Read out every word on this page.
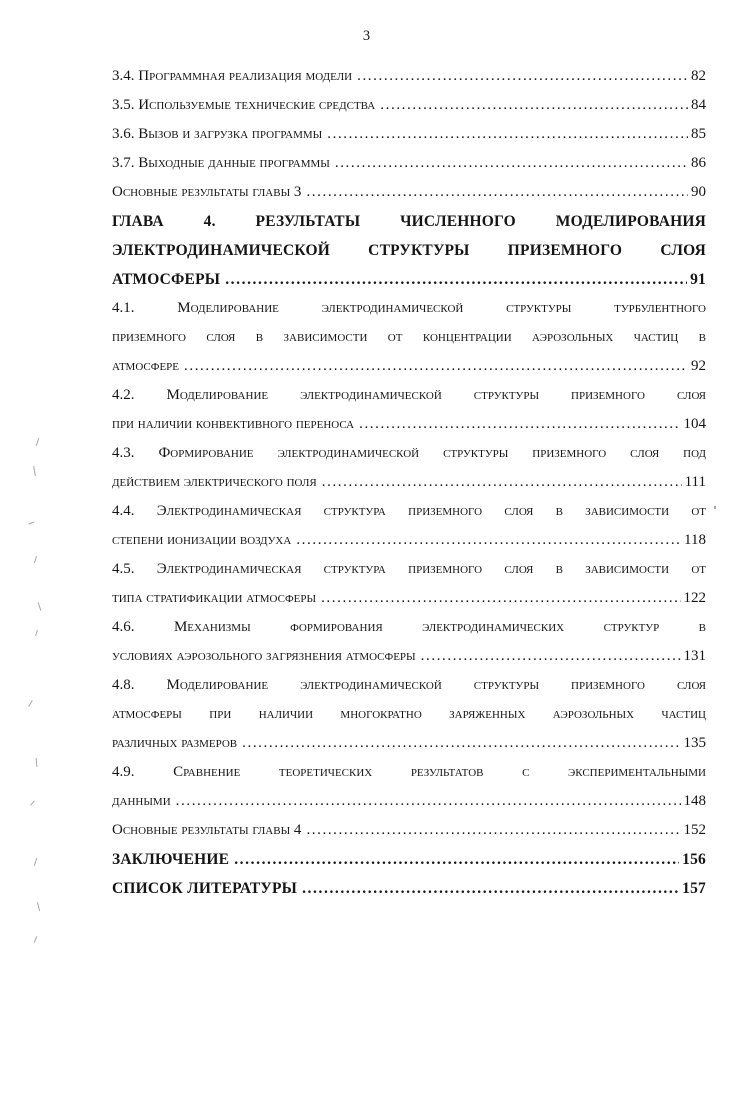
3
3.4. Программная реализация модели .....	82
3.5. Используемые технические средства .....	84
3.6. Вызов и загрузка программы .....	85
3.7. Выходные данные программы .....	86
Основные результаты главы 3 .....	90
ГЛАВА 4. РЕЗУЛЬТАТЫ ЧИСЛЕННОГО МОДЕЛИРОВАНИЯ
ЭЛЕКТРОДИНАМИЧЕСКОЙ СТРУКТУРЫ ПРИЗЕМНОГО СЛОЯ
АТМОСФЕРЫ .....	91
4.1. Моделирование электродинамической структуры турбулентного
приземного слоя в зависимости от концентрации аэрозольных частиц в
атмосфере .....	92
4.2. Моделирование электродинамической структуры приземного слоя
при наличии конвективного переноса .....	104
4.3. Формирование электродинамической структуры приземного слоя под
действием электрического поля .....	111
4.4. Электродинамическая структура приземного слоя в зависимости от
степени ионизации воздуха .....	118
4.5. Электродинамическая структура приземного слоя в зависимости от
типа стратификации атмосферы .....	122
4.6. Механизмы формирования электродинамических структур в
условиях аэрозольного загрязнения атмосферы .....	131
4.8. Моделирование электродинамической структуры приземного слоя
атмосферы при наличии многократно заряженных аэрозольных частиц
различных размеров .....	135
4.9. Сравнение теоретических результатов с экспериментальными
данными .....	148
Основные результаты главы 4 .....	152
ЗАКЛЮЧЕНИЕ .....	156
СПИСОК ЛИТЕРАТУРЫ .....	157
